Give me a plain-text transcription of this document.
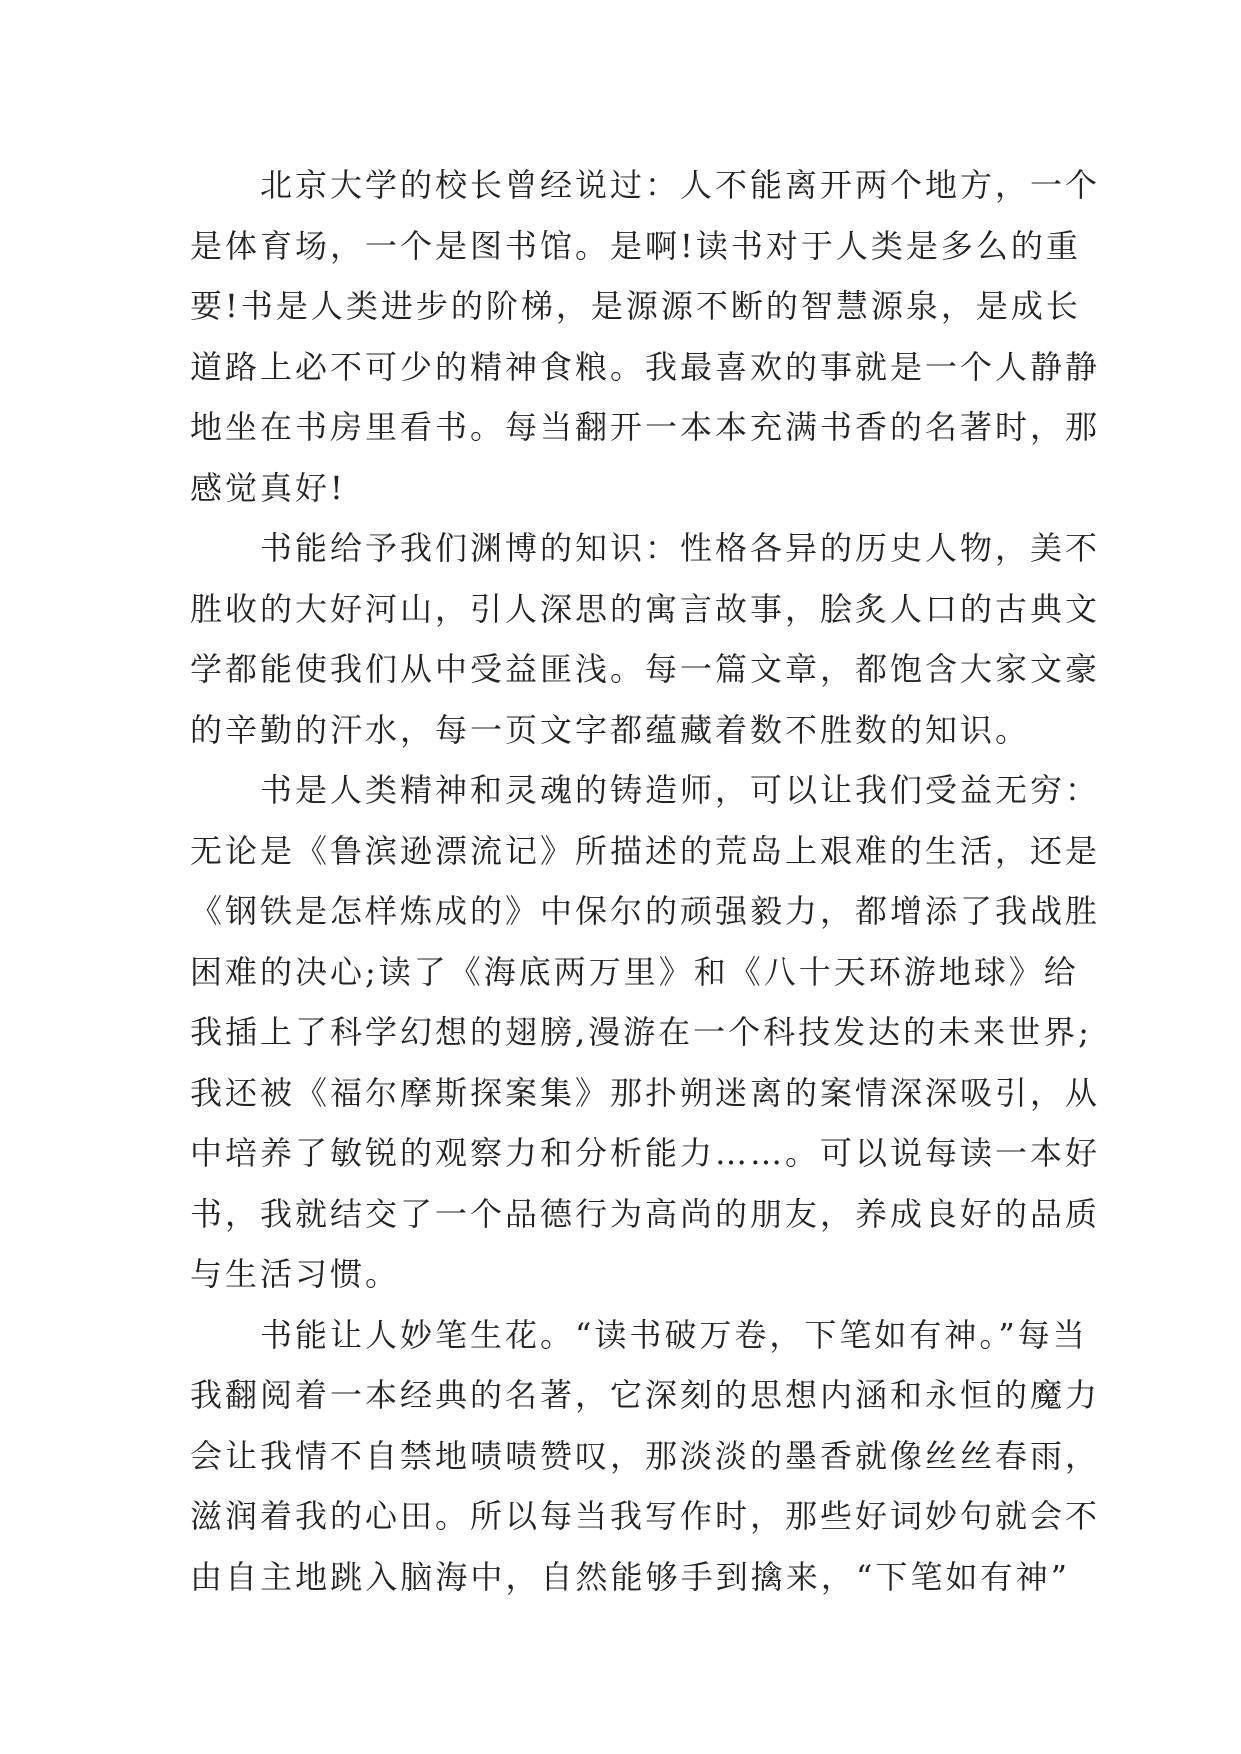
北京大学的校长曾经说过：人不能离开两个地方，一个
是体育场，一个是图书馆。是啊!读书对于人类是多么的重
要!书是人类进步的阶梯，是源源不断的智慧源泉，是成长
道路上必不可少的精神食粮。我最喜欢的事就是一个人静静
地坐在书房里看书。每当翻开一本本充满书香的名著时，那
感觉真好!
书能给予我们渊博的知识：性格各异的历史人物，美不
胜收的大好河山，引人深思的寓言故事，脍炙人口的古典文
学都能使我们从中受益匪浅。每一篇文章，都饱含大家文豪
的辛勤的汗水，每一页文字都蕴藏着数不胜数的知识。
书是人类精神和灵魂的铸造师，可以让我们受益无穷：
无论是《鲁滨逊漂流记》所描述的荒岛上艰难的生活，还是
《钢铁是怎样炼成的》中保尔的顽强毅力，都增添了我战胜
困难的决心;读了《海底两万里》和《八十天环游地球》给
我插上了科学幻想的翅膀,漫游在一个科技发达的未来世界;
我还被《福尔摩斯探案集》那扑朔迷离的案情深深吸引，从
中培养了敏锐的观察力和分析能力……。可以说每读一本好
书，我就结交了一个品德行为高尚的朋友，养成良好的品质
与生活习惯。
书能让人妙笔生花。“读书破万卷，下笔如有神。”每当
我翻阅着一本经典的名著，它深刻的思想内涵和永恒的魔力
会让我情不自禁地啧啧赞叹，那淡淡的墨香就像丝丝春雨，
滋润着我的心田。所以每当我写作时，那些好词妙句就会不
由自主地跳入脑海中，自然能够手到擒来，“下笔如有神”
